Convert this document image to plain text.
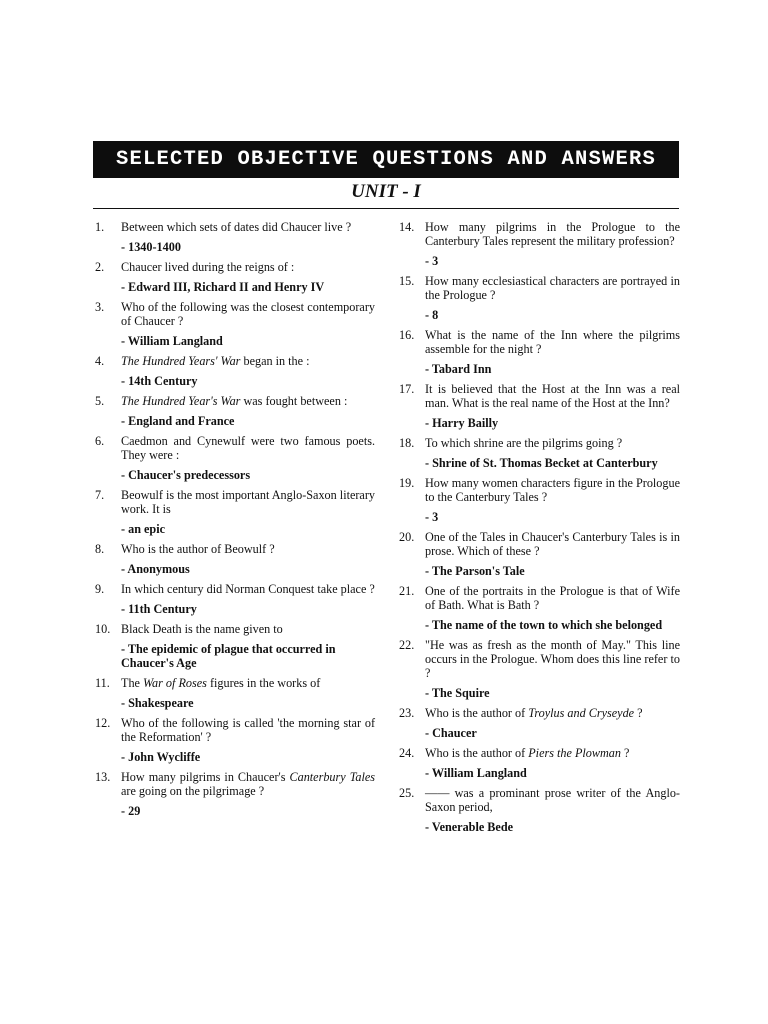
SELECTED OBJECTIVE QUESTIONS AND ANSWERS
UNIT - I
1. Between which sets of dates did Chaucer live ?
- 1340-1400
2. Chaucer lived during the reigns of :
- Edward III, Richard II and Henry IV
3. Who of the following was the closest contemporary of Chaucer ?
- William Langland
4. The Hundred Years' War began in the :
- 14th Century
5. The Hundred Year's War was fought between :
- England and France
6. Caedmon and Cynewulf were two famous poets. They were :
- Chaucer's predecessors
7. Beowulf is the most important Anglo-Saxon literary work. It is
- an epic
8. Who is the author of Beowulf ?
- Anonymous
9. In which century did Norman Conquest take place ?
- 11th Century
10. Black Death is the name given to
- The epidemic of plague that occurred in Chaucer's Age
11. The War of Roses figures in the works of
- Shakespeare
12. Who of the following is called 'the morning star of the Reformation' ?
- John Wycliffe
13. How many pilgrims in Chaucer's Canterbury Tales are going on the pilgrimage ?
- 29
14. How many pilgrims in the Prologue to the Canterbury Tales represent the military profession?
- 3
15. How many ecclesiastical characters are portrayed in the Prologue ?
- 8
16. What is the name of the Inn where the pilgrims assemble for the night ?
- Tabard Inn
17. It is believed that the Host at the Inn was a real man. What is the real name of the Host at the Inn?
- Harry Bailly
18. To which shrine are the pilgrims going ?
- Shrine of St. Thomas Becket at Canterbury
19. How many women characters figure in the Prologue to the Canterbury Tales ?
- 3
20. One of the Tales in Chaucer's Canterbury Tales is in prose. Which of these ?
- The Parson's Tale
21. One of the portraits in the Prologue is that of Wife of Bath. What is Bath ?
- The name of the town to which she belonged
22. "He was as fresh as the month of May." This line occurs in the Prologue. Whom does this line refer to ?
- The Squire
23. Who is the author of Troylus and Cryseyde ?
- Chaucer
24. Who is the author of Piers the Plowman ?
- William Langland
25. —— was a prominant prose writer of the Anglo-Saxon period,
- Venerable Bede
